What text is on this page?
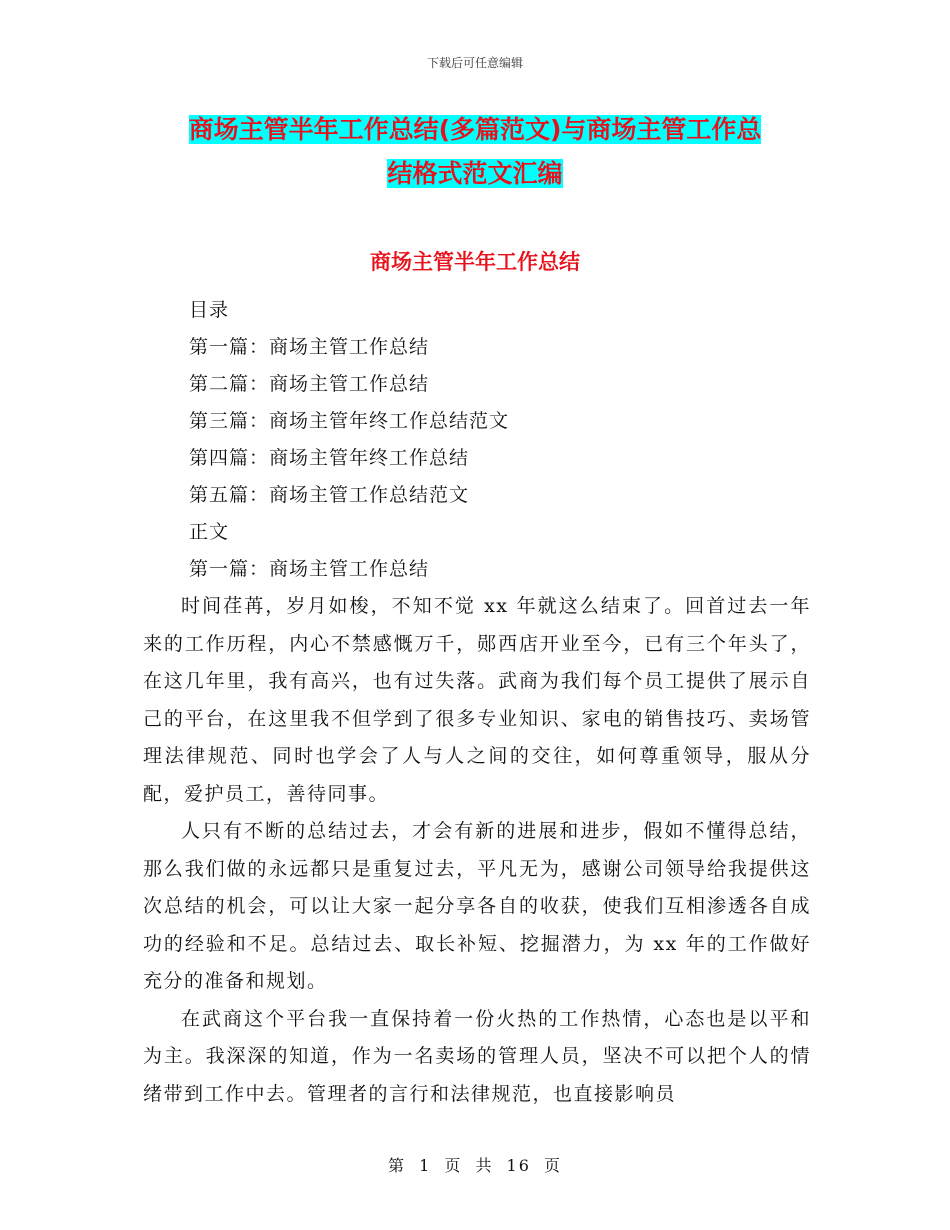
下载后可任意编辑
商场主管半年工作总结(多篇范文)与商场主管工作总
结格式范文汇编
商场主管半年工作总结
目录
第一篇：商场主管工作总结
第二篇：商场主管工作总结
第三篇：商场主管年终工作总结范文
第四篇：商场主管年终工作总结
第五篇：商场主管工作总结范文
正文
第一篇：商场主管工作总结

时间荏苒，岁月如梭，不知不觉 xx 年就这么结束了。回首过去一年来的工作历程，内心不禁感慨万千，郧西店开业至今，已有三个年头了，在这几年里，我有高兴，也有过失落。武商为我们每个员工提供了展示自己的平台，在这里我不但学到了很多专业知识、家电的销售技巧、卖场管理法律规范、同时也学会了人与人之间的交往，如何尊重领导，服从分配，爱护员工，善待同事。

人只有不断的总结过去，才会有新的进展和进步，假如不懂得总结，那么我们做的永远都只是重复过去，平凡无为，感谢公司领导给我提供这次总结的机会，可以让大家一起分享各自的收获，使我们互相渗透各自成功的经验和不足。总结过去、取长补短、挖掘潜力，为 xx 年的工作做好充分的准备和规划。

在武商这个平台我一直保持着一份火热的工作热情，心态也是以平和为主。我深深的知道，作为一名卖场的管理人员，坚决不可以把个人的情绪带到工作中去。管理者的言行和法律规范，也直接影响员

第 1 页 共 16 页
